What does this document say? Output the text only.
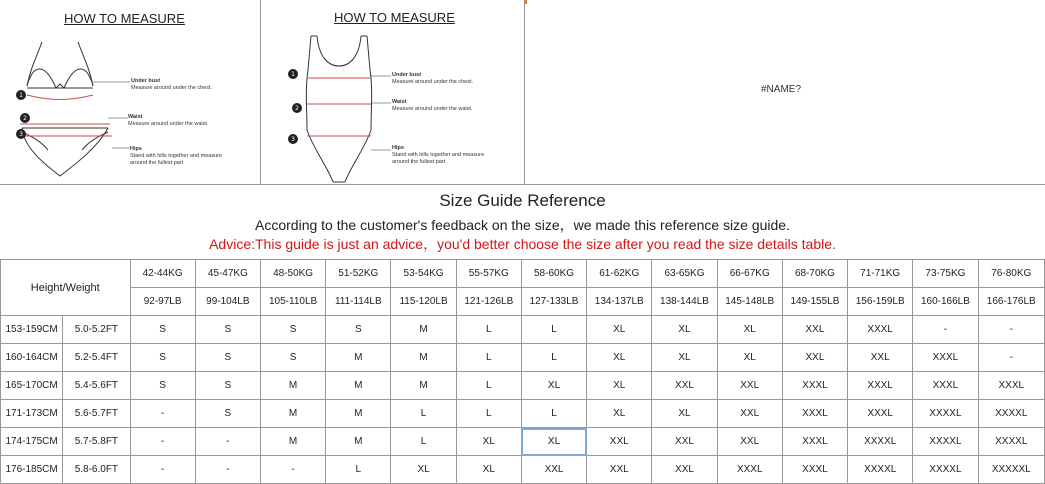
HOW TO MEASURE
1
2
3
Under bust
Measure around under the chest.
Waist
Measure around under the waist.
Hips
Stand with hills together and measure
around the fullest part
HOW TO MEASURE
1
2
3
Under bust
Measure around under the chest.
Waist
Measure around under the waist.
Hips
Stand with hills together and measure
around the fullest part
#NAME?
Size Guide Reference
According to the customer's feedback on the size，we made this reference size guide.
Advice:This guide is just an advice，you'd better choose the size after you read the size details table.
Height/Weight		42-44KG	45-47KG	48-50KG	51-52KG	53-54KG	55-57KG	58-60KG	61-62KG	63-65KG	66-67KG	68-70KG	71-71KG	73-75KG	76-80KG
		92-97LB	99-104LB	105-110LB	111-114LB	115-120LB	121-126LB	127-133LB	134-137LB	138-144LB	145-148LB	149-155LB	156-159LB	160-166LB	166-176LB
153-159CM	5.0-5.2FT	S	S	S	S	M	L	L	XL	XL	XL	XXL	XXXL	-	-
160-164CM	5.2-5.4FT	S	S	S	M	M	L	L	XL	XL	XL	XXL	XXL	XXXL	-
165-170CM	5.4-5.6FT	S	S	M	M	M	L	XL	XL	XXL	XXL	XXXL	XXXL	XXXL	XXXL
171-173CM	5.6-5.7FT	-	S	M	M	L	L	L	XL	XL	XXL	XXXL	XXXL	XXXXL	XXXXL
174-175CM	5.7-5.8FT	-	-	M	M	L	XL	XL	XXL	XXL	XXL	XXXL	XXXXL	XXXXL	XXXXL
176-185CM	5.8-6.0FT	-	-	-	L	XL	XL	XXL	XXL	XXL	XXXL	XXXL	XXXXL	XXXXL	XXXXXL
